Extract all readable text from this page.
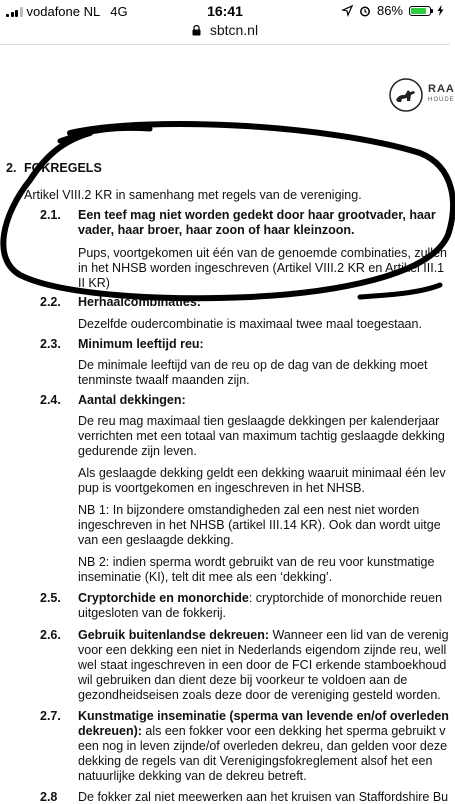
vodafone NL 4G	16:41	86%
sbtcn.nl
RAA
HOUDE
2. FOKREGELS
Artikel VIII.2 KR in samenhang met regels van de vereniging.
2.1. Een teef mag niet worden gedekt door haar grootvader, haar
vader, haar broer, haar zoon of haar kleinzoon.
Pups, voortgekomen uit één van de genoemde combinaties, zullen
in het NHSB worden ingeschreven (Artikel VIII.2 KR en Artikel III.1
II KR)
2.2. Herhaalcombinaties:
Dezelfde oudercombinatie is maximaal twee maal toegestaan.
2.3. Minimum leeftijd reu:
De minimale leeftijd van de reu op de dag van de dekking moet
tenminste twaalf maanden zijn.
2.4. Aantal dekkingen:
De reu mag maximaal tien geslaagde dekkingen per kalenderjaar
verrichten met een totaal van maximum tachtig geslaagde dekking
gedurende zijn leven.
Als geslaagde dekking geldt een dekking waaruit minimaal één lev
pup is voortgekomen en ingeschreven in het NHSB.
NB 1: In bijzondere omstandigheden zal een nest niet worden
ingeschreven in het NHSB (artikel III.14 KR). Ook dan wordt uitge
van een geslaagde dekking.
NB 2: indien sperma wordt gebruikt van de reu voor kunstmatige
inseminatie (KI), telt dit mee als een ‘dekking’.
2.5. Cryptorchide en monorchide: cryptorchide of monorchide reuen
uitgesloten van de fokkerij.
2.6. Gebruik buitenlandse dekreuen: Wanneer een lid van de verenig
voor een dekking een niet in Nederlands eigendom zijnde reu, well
wel staat ingeschreven in een door de FCI erkende stamboekhoud
wil gebruiken dan dient deze bij voorkeur te voldoen aan de
gezondheidseisen zoals deze door de vereniging gesteld worden.
2.7. Kunstmatige inseminatie (sperma van levende en/of overleden
dekreuen): als een fokker voor een dekking het sperma gebruikt v
een nog in leven zijnde/of overleden dekreu, dan gelden voor deze
dekking de regels van dit Verenigingsfokreglement alsof het een
natuurlijke dekking van de dekreu betreft.
2.8 De fokker zal niet meewerken aan het kruisen van Staffordshire Bu
